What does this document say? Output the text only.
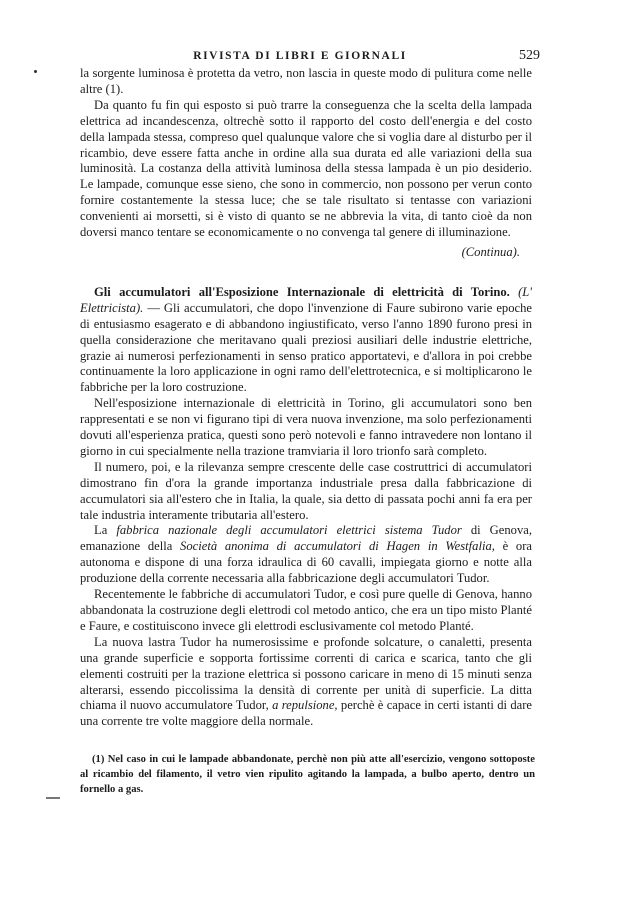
RIVISTA DI LIBRI E GIORNALI	529

la sorgente luminosa è protetta da vetro, non lascia in queste modo di pulitura come nelle altre (1).

Da quanto fu fin qui esposto si può trarre la conseguenza che la scelta della lampada elettrica ad incandescenza, oltrechè sotto il rapporto del costo dell'energia e del costo della lampada stessa, compreso quel qualunque valore che si voglia dare al disturbo per il ricambio, deve essere fatta anche in ordine alla sua durata ed alle variazioni della sua luminosità. La costanza della attività luminosa della stessa lampada è un pio desiderio. Le lampade, comunque esse sieno, che sono in commercio, non possono per verun conto fornire costantemente la stessa luce; che se tale risultato si tentasse con variazioni convenienti ai morsetti, si è visto di quanto se ne abbrevia la vita, di tanto cioè da non doversi manco tentare se economicamente o no convenga tal genere di illuminazione.

(Continua).

Gli accumulatori all'Esposizione Internazionale di elettricità di Torino. (L' Elettricista). — Gli accumulatori, che dopo l'invenzione di Faure subirono varie epoche di entusiasmo esagerato e di abbandono ingiustificato, verso l'anno 1890 furono presi in quella considerazione che meritavano quali preziosi ausiliari delle industrie elettriche, grazie ai numerosi perfezionamenti in senso pratico apportatevi, e d'allora in poi crebbe continuamente la loro applicazione in ogni ramo dell'elettrotecnica, e si moltiplicarono le fabbriche per la loro costruzione.

Nell'esposizione internazionale di elettricità in Torino, gli accumulatori sono ben rappresentati e se non vi figurano tipi di vera nuova invenzione, ma solo perfezionamenti dovuti all'esperienza pratica, questi sono però notevoli e fanno intravedere non lontano il giorno in cui specialmente nella trazione tramviaria il loro trionfo sarà completo.

Il numero, poi, e la rilevanza sempre crescente delle case costruttrici di accumulatori dimostrano fin d'ora la grande importanza industriale presa dalla fabbricazione di accumulatori sia all'estero che in Italia, la quale, sia detto di passata pochi anni fa era per tale industria interamente tributaria all'estero.

La fabbrica nazionale degli accumulatori elettrici sistema Tudor di Genova, emanazione della Società anonima di accumulatori di Hagen in Westfalia, è ora autonoma e dispone di una forza idraulica di 60 cavalli, impiegata giorno e notte alla produzione della corrente necessaria alla fabbricazione degli accumulatori Tudor.

Recentemente le fabbriche di accumulatori Tudor, e così pure quelle di Genova, hanno abbandonata la costruzione degli elettrodi col metodo antico, che era un tipo misto Planté e Faure, e costituiscono invece gli elettrodi esclusivamente col metodo Planté.

La nuova lastra Tudor ha numerosissime e profonde solcature, o canaletti, presenta una grande superficie e sopporta fortissime correnti di carica e scarica, tanto che gli elementi costruiti per la trazione elettrica si possono caricare in meno di 15 minuti senza alterarsi, essendo piccolissima la densità di corrente per unità di superficie. La ditta chiama il nuovo accumulatore Tudor, a repulsione, perchè è capace in certi istanti di dare una corrente tre volte maggiore della normale.

(1) Nel caso in cui le lampade abbandonate, perchè non più atte all'esercizio, vengono sottoposte al ricambio del filamento, il vetro vien ripulito agitando la lampada, a bulbo aperto, dentro un fornello a gas.
